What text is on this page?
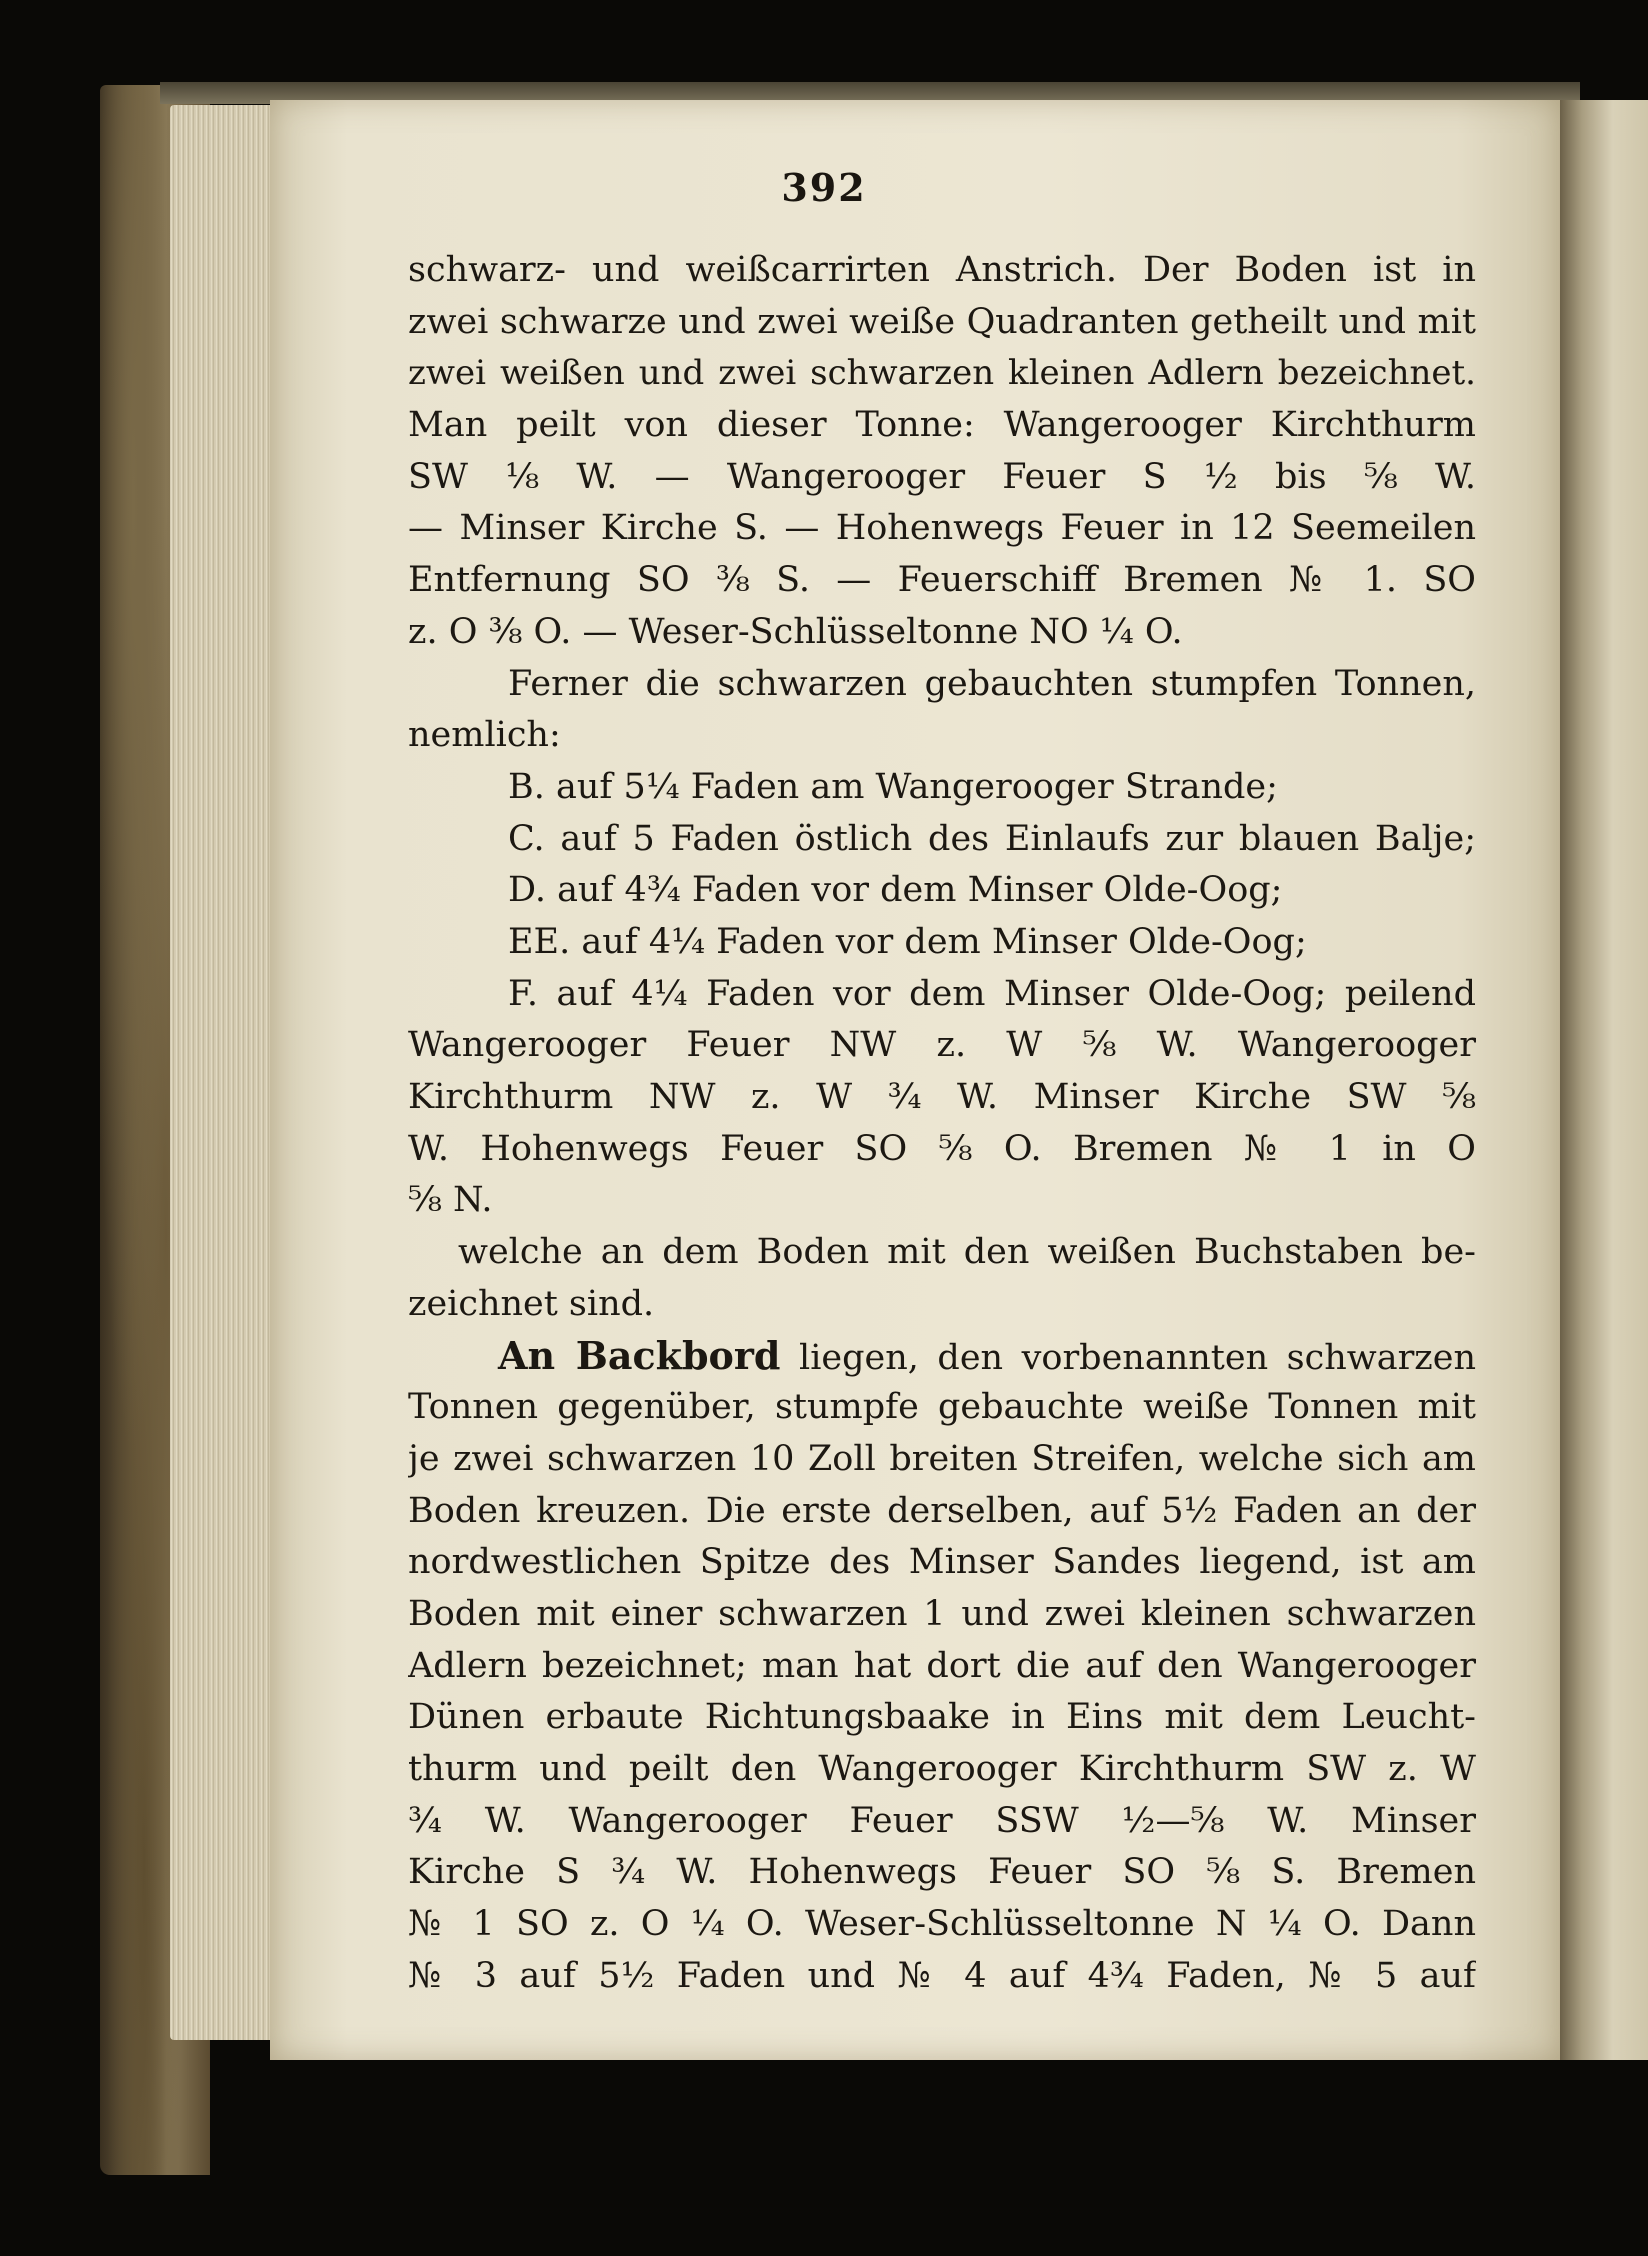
392
schwarz- und weißcarrirten Anstrich. Der Boden ist in
zwei schwarze und zwei weiße Quadranten getheilt und mit
zwei weißen und zwei schwarzen kleinen Adlern bezeichnet.
Man peilt von dieser Tonne: Wangerooger Kirchthurm
SW ⅛ W. — Wangerooger Feuer S ½ bis ⅝ W.
— Minser Kirche S. — Hohenwegs Feuer in 12 Seemeilen
Entfernung SO ⅜ S. — Feuerschiff Bremen № 1. SO
z. O ⅜ O. — Weser-Schlüsseltonne NO ¼ O.
Ferner die schwarzen gebauchten stumpfen Tonnen,
nemlich:
B. auf 5¼ Faden am Wangerooger Strande;
C. auf 5 Faden östlich des Einlaufs zur blauen Balje;
D. auf 4¾ Faden vor dem Minser Olde-Oog;
EE. auf 4¼ Faden vor dem Minser Olde-Oog;
F. auf 4¼ Faden vor dem Minser Olde-Oog; peilend
Wangerooger Feuer NW z. W ⅝ W. Wangerooger
Kirchthurm NW z. W ¾ W. Minser Kirche SW ⅝
W. Hohenwegs Feuer SO ⅝ O. Bremen № 1 in O
⅝ N.
welche an dem Boden mit den weißen Buchstaben be-
zeichnet sind.
An Backbord liegen, den vorbenannten schwarzen
Tonnen gegenüber, stumpfe gebauchte weiße Tonnen mit
je zwei schwarzen 10 Zoll breiten Streifen, welche sich am
Boden kreuzen. Die erste derselben, auf 5½ Faden an der
nordwestlichen Spitze des Minser Sandes liegend, ist am
Boden mit einer schwarzen 1 und zwei kleinen schwarzen
Adlern bezeichnet; man hat dort die auf den Wangerooger
Dünen erbaute Richtungsbaake in Eins mit dem Leucht-
thurm und peilt den Wangerooger Kirchthurm SW z. W
¾ W. Wangerooger Feuer SSW ½—⅝ W. Minser
Kirche S ¾ W. Hohenwegs Feuer SO ⅝ S. Bremen
№ 1 SO z. O ¼ O. Weser-Schlüsseltonne N ¼ O. Dann
№ 3 auf 5½ Faden und № 4 auf 4¾ Faden, № 5 auf
